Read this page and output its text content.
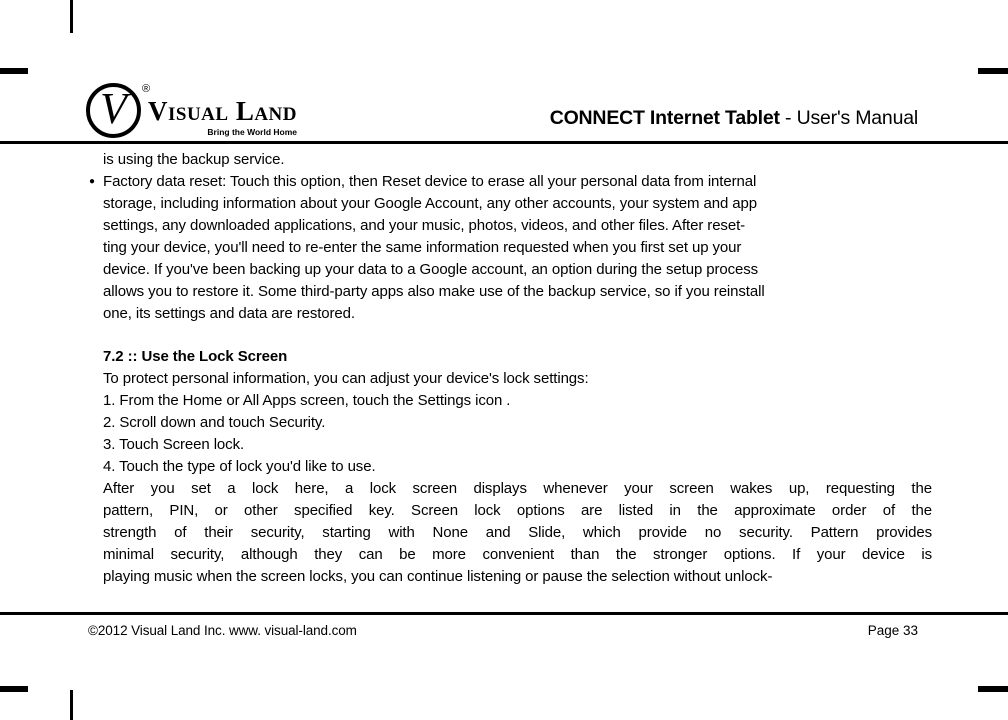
V ®
Visual Land
Bring the World Home
CONNECT Internet Tablet - User's Manual
is using the backup service.
● Factory data reset: Touch this option, then Reset device to erase all your personal data from internal
storage, including information about your Google Account, any other accounts, your system and app
settings, any downloaded applications, and your music, photos, videos, and other files. After reset-
ting your device, you'll need to re-enter the same information requested when you first set up your
device. If you've been backing up your data to a Google account, an option during the setup process
allows you to restore it. Some third-party apps also make use of the backup service, so if you reinstall
one, its settings and data are restored.
7.2 :: Use the Lock Screen
To protect personal information, you can adjust your device's lock settings:
1. From the Home or All Apps screen, touch the Settings icon .
2. Scroll down and touch Security.
3. Touch Screen lock.
4. Touch the type of lock you'd like to use.
After you set a lock here, a lock screen displays whenever your screen wakes up, requesting the
pattern, PIN, or other specified key. Screen lock options are listed in the approximate order of the
strength of their security, starting with None and Slide, which provide no security. Pattern provides
minimal security, although they can be more convenient than the stronger options. If your device is
playing music when the screen locks, you can continue listening or pause the selection without unlock-
©2012 Visual Land Inc. www. visual-land.com	Page 33
